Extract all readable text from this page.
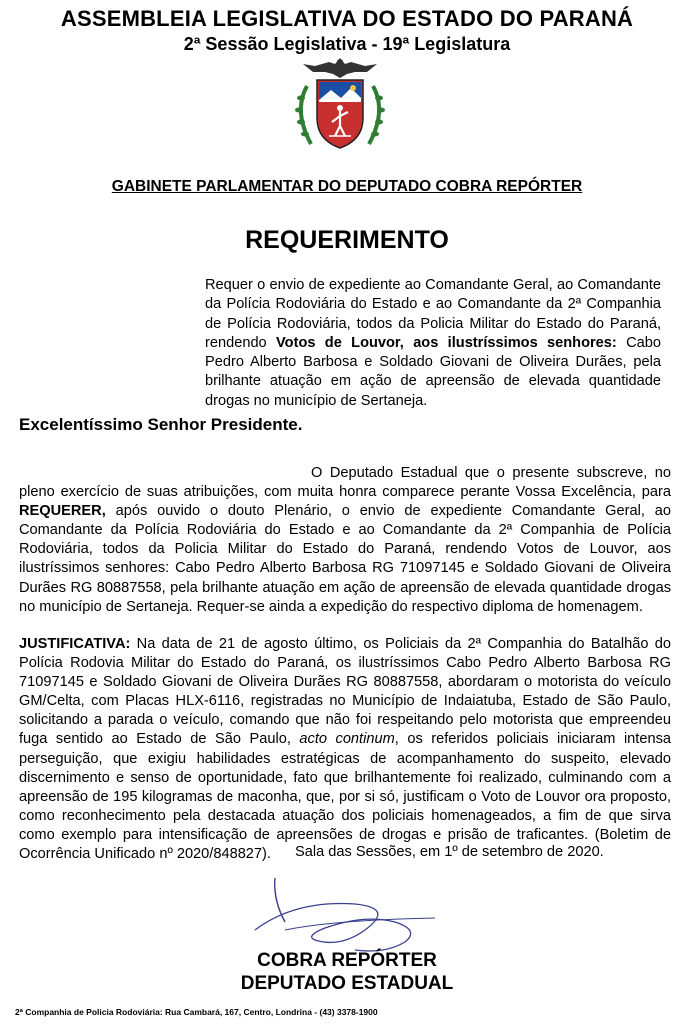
ASSEMBLEIA LEGISLATIVA DO ESTADO DO PARANÁ
2ª Sessão Legislativa - 19ª Legislatura
GABINETE PARLAMENTAR DO DEPUTADO COBRA REPÓRTER
REQUERIMENTO
Requer o envio de expediente ao Comandante Geral, ao Comandante da Polícia Rodoviária do Estado e ao Comandante da 2ª Companhia de Polícia Rodoviária, todos da Policia Militar do Estado do Paraná, rendendo Votos de Louvor, aos ilustríssimos senhores: Cabo Pedro Alberto Barbosa e Soldado Giovani de Oliveira Durães, pela brilhante atuação em ação de apreensão de elevada quantidade drogas no município de Sertaneja.
Excelentíssimo Senhor Presidente.
O Deputado Estadual que o presente subscreve, no pleno exercício de suas atribuições, com muita honra comparece perante Vossa Excelência, para REQUERER, após ouvido o douto Plenário, o envio de expediente Comandante Geral, ao Comandante da Polícia Rodoviária do Estado e ao Comandante da 2ª Companhia de Polícia Rodoviária, todos da Policia Militar do Estado do Paraná, rendendo Votos de Louvor, aos ilustríssimos senhores: Cabo Pedro Alberto Barbosa RG 71097145 e Soldado Giovani de Oliveira Durães RG 80887558, pela brilhante atuação em ação de apreensão de elevada quantidade drogas no município de Sertaneja. Requer-se ainda a expedição do respectivo diploma de homenagem.
JUSTIFICATIVA: Na data de 21 de agosto último, os Policiais da 2ª Companhia do Batalhão do Polícia Rodovia Militar do Estado do Paraná, os ilustríssimos Cabo Pedro Alberto Barbosa RG 71097145 e Soldado Giovani de Oliveira Durães RG 80887558, abordaram o motorista do veículo GM/Celta, com Placas HLX-6116, registradas no Município de Indaiatuba, Estado de São Paulo, solicitando a parada o veículo, comando que não foi respeitando pelo motorista que empreendeu fuga sentido ao Estado de São Paulo, acto continum, os referidos policiais iniciaram intensa perseguição, que exigiu habilidades estratégicas de acompanhamento do suspeito, elevado discernimento e senso de oportunidade, fato que brilhantemente foi realizado, culminando com a apreensão de 195 kilogramas de maconha, que, por si só, justificam o Voto de Louvor ora proposto, como reconhecimento pela destacada atuação dos policiais homenageados, a fim de que sirva como exemplo para intensificação de apreensões de drogas e prisão de traficantes. (Boletim de Ocorrência Unificado nº 2020/848827).	Sala das Sessões, em 1º de setembro de 2020.
COBRA REPÓRTER
DEPUTADO ESTADUAL
2ª Companhia de Policia Rodoviária: Rua Cambará, 167, Centro, Londrina - (43) 3378-1900
